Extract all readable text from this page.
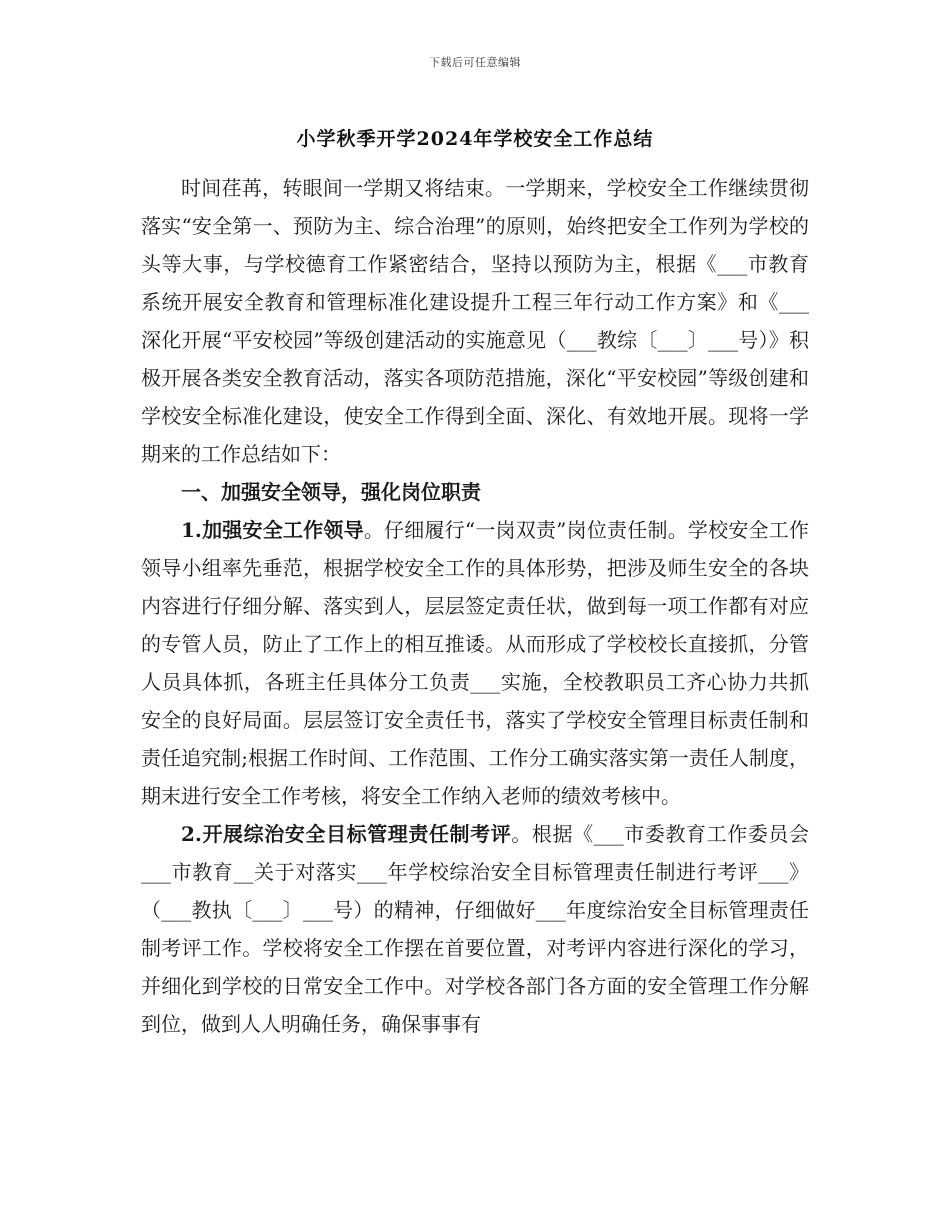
下载后可任意编辑
小学秋季开学2024年学校安全工作总结

时间荏苒，转眼间一学期又将结束。一学期来，学校安全工作继续贯彻落实“安全第一、预防为主、综合治理”的原则，始终把安全工作列为学校的头等大事，与学校德育工作紧密结合，坚持以预防为主，根据《___市教育系统开展安全教育和管理标准化建设提升工程三年行动工作方案》和《___深化开展“平安校园”等级创建活动的实施意见（___教综〔___〕___号）》积极开展各类安全教育活动，落实各项防范措施，深化“平安校园”等级创建和学校安全标准化建设，使安全工作得到全面、深化、有效地开展。现将一学期来的工作总结如下：

一、加强安全领导，强化岗位职责

1.加强安全工作领导。仔细履行“一岗双责”岗位责任制。学校安全工作领导小组率先垂范，根据学校安全工作的具体形势，把涉及师生安全的各块内容进行仔细分解、落实到人，层层签定责任状，做到每一项工作都有对应的专管人员，防止了工作上的相互推诿。从而形成了学校校长直接抓，分管人员具体抓，各班主任具体分工负责___实施，全校教职员工齐心协力共抓安全的良好局面。层层签订安全责任书，落实了学校安全管理目标责任制和责任追究制;根据工作时间、工作范围、工作分工确实落实第一责任人制度，期末进行安全工作考核，将安全工作纳入老师的绩效考核中。

2.开展综治安全目标管理责任制考评。根据《___市委教育工作委员会___市教育__关于对落实___年学校综治安全目标管理责任制进行考评___》（___教执〔___〕___号）的精神，仔细做好___年度综治安全目标管理责任制考评工作。学校将安全工作摆在首要位置，对考评内容进行深化的学习，并细化到学校的日常安全工作中。对学校各部门各方面的安全管理工作分解到位，做到人人明确任务，确保事事有
